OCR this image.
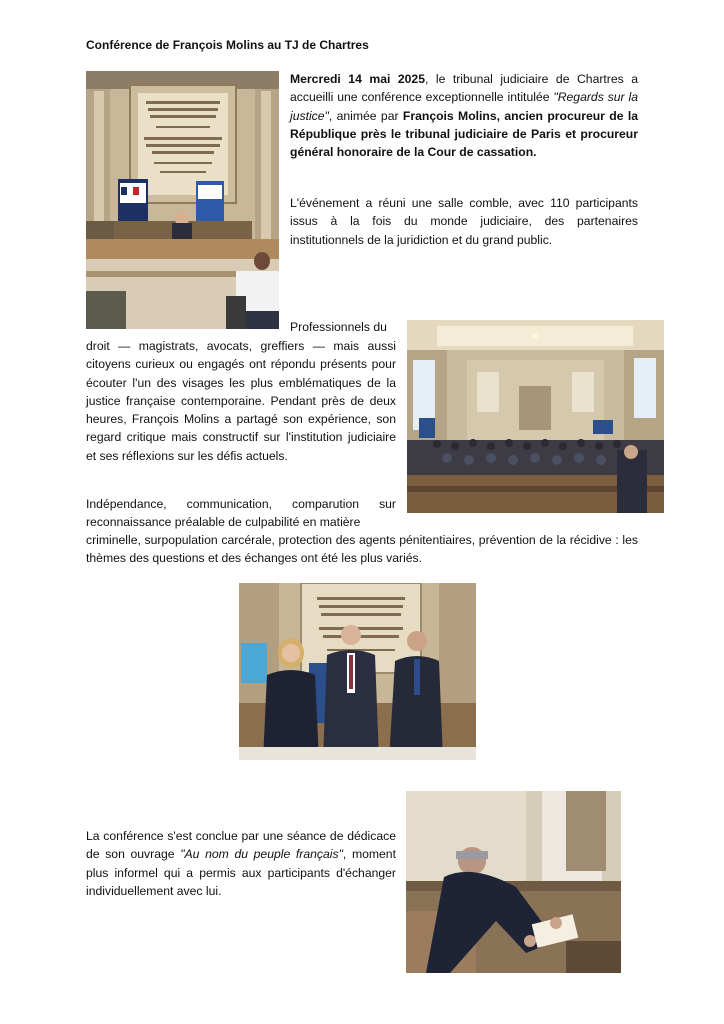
Conférence de François Molins au TJ de Chartres

Mercredi 14 mai 2025, le tribunal judiciaire de Chartres a accueilli une conférence exceptionnelle intitulée "Regards sur la justice", animée par François Molins, ancien procureur de la République près le tribunal judiciaire de Paris et procureur général honoraire de la Cour de cassation.

L'événement a réuni une salle comble, avec 110 participants issus à la fois du monde judiciaire, des partenaires institutionnels de la juridiction et du grand public.

Professionnels du

droit — magistrats, avocats, greffiers — mais aussi citoyens curieux ou engagés ont répondu présents pour écouter l'un des visages les plus emblématiques de la justice française contemporaine. Pendant près de deux heures, François Molins a partagé son expérience, son regard critique mais constructif sur l'institution judiciaire et ses réflexions sur les défis actuels.

Indépendance, communication, comparution sur reconnaissance préalable de culpabilité en matière

criminelle, surpopulation carcérale, protection des agents pénitentiaires, prévention de la récidive : les thèmes des questions et des échanges ont été les plus variés.

La conférence s'est conclue par une séance de dédicace de son ouvrage "Au nom du peuple français", moment plus informel qui a permis aux participants d'échanger individuellement avec lui.
